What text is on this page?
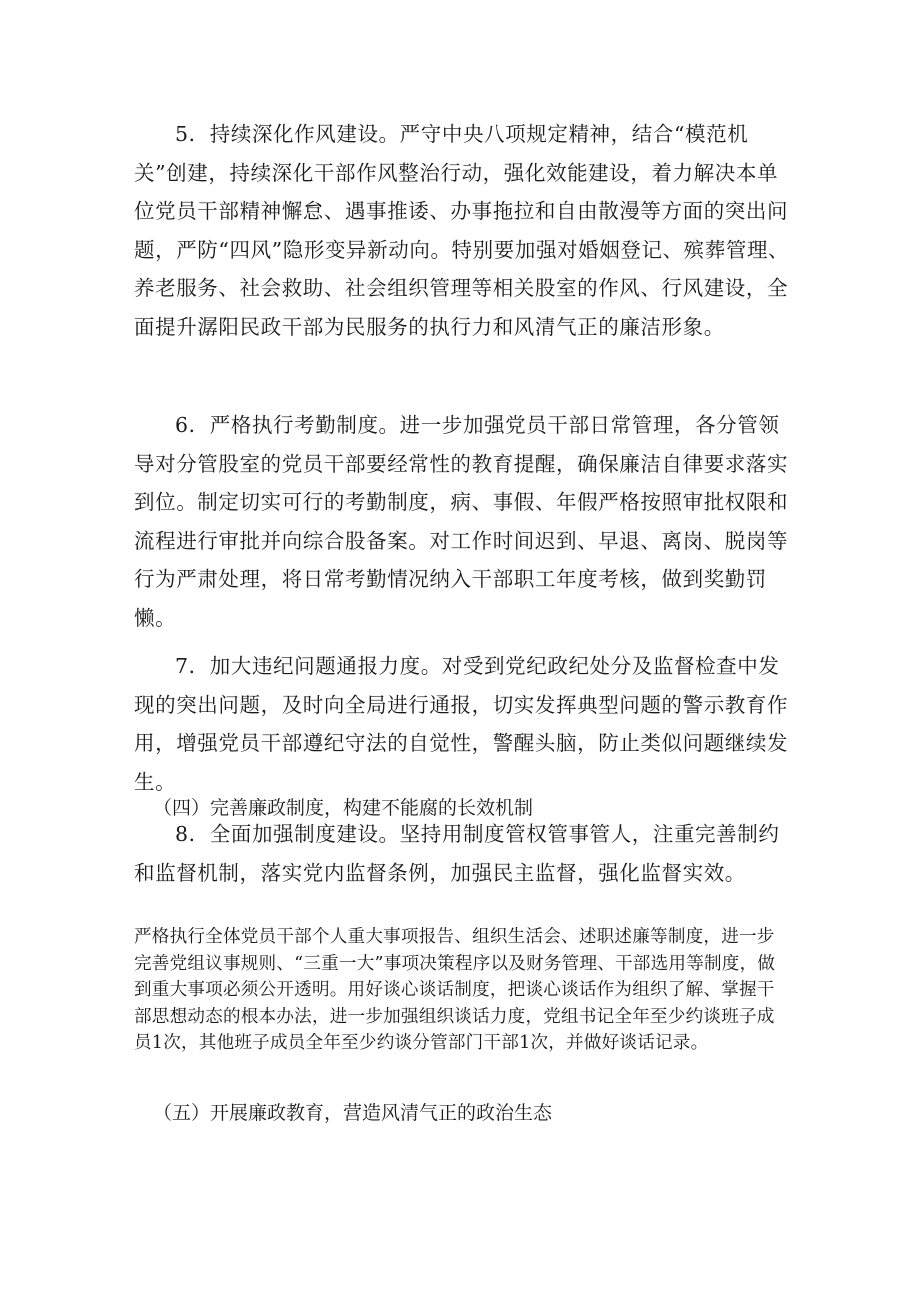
5．持续深化作风建设。严守中央八项规定精神，结合“模范机关”创建，持续深化干部作风整治行动，强化效能建设，着力解决本单位党员干部精神懈怠、遇事推诿、办事拖拉和自由散漫等方面的突出问题，严防“四风”隐形变异新动向。特别要加强对婚姻登记、殡葬管理、养老服务、社会救助、社会组织管理等相关股室的作风、行风建设，全面提升潺阳民政干部为民服务的执行力和风清气正的廉洁形象。

6．严格执行考勤制度。进一步加强党员干部日常管理，各分管领导对分管股室的党员干部要经常性的教育提醒，确保廉洁自律要求落实到位。制定切实可行的考勤制度，病、事假、年假严格按照审批权限和流程进行审批并向综合股备案。对工作时间迟到、早退、离岗、脱岗等行为严肃处理，将日常考勤情况纳入干部职工年度考核，做到奖勤罚懒。

7．加大违纪问题通报力度。对受到党纪政纪处分及监督检查中发现的突出问题，及时向全局进行通报，切实发挥典型问题的警示教育作用，增强党员干部遵纪守法的自觉性，警醒头脑，防止类似问题继续发生。

（四）完善廉政制度，构建不能腐的长效机制

8．全面加强制度建设。坚持用制度管权管事管人，注重完善制约和监督机制，落实党内监督条例，加强民主监督，强化监督实效。

严格执行全体党员干部个人重大事项报告、组织生活会、述职述廉等制度，进一步完善党组议事规则、“三重一大”事项决策程序以及财务管理、干部选用等制度，做到重大事项必须公开透明。用好谈心谈话制度，把谈心谈话作为组织了解、掌握干部思想动态的根本办法，进一步加强组织谈话力度，党组书记全年至少约谈班子成员1次，其他班子成员全年至少约谈分管部门干部1次，并做好谈话记录。

（五）开展廉政教育，营造风清气正的政治生态
